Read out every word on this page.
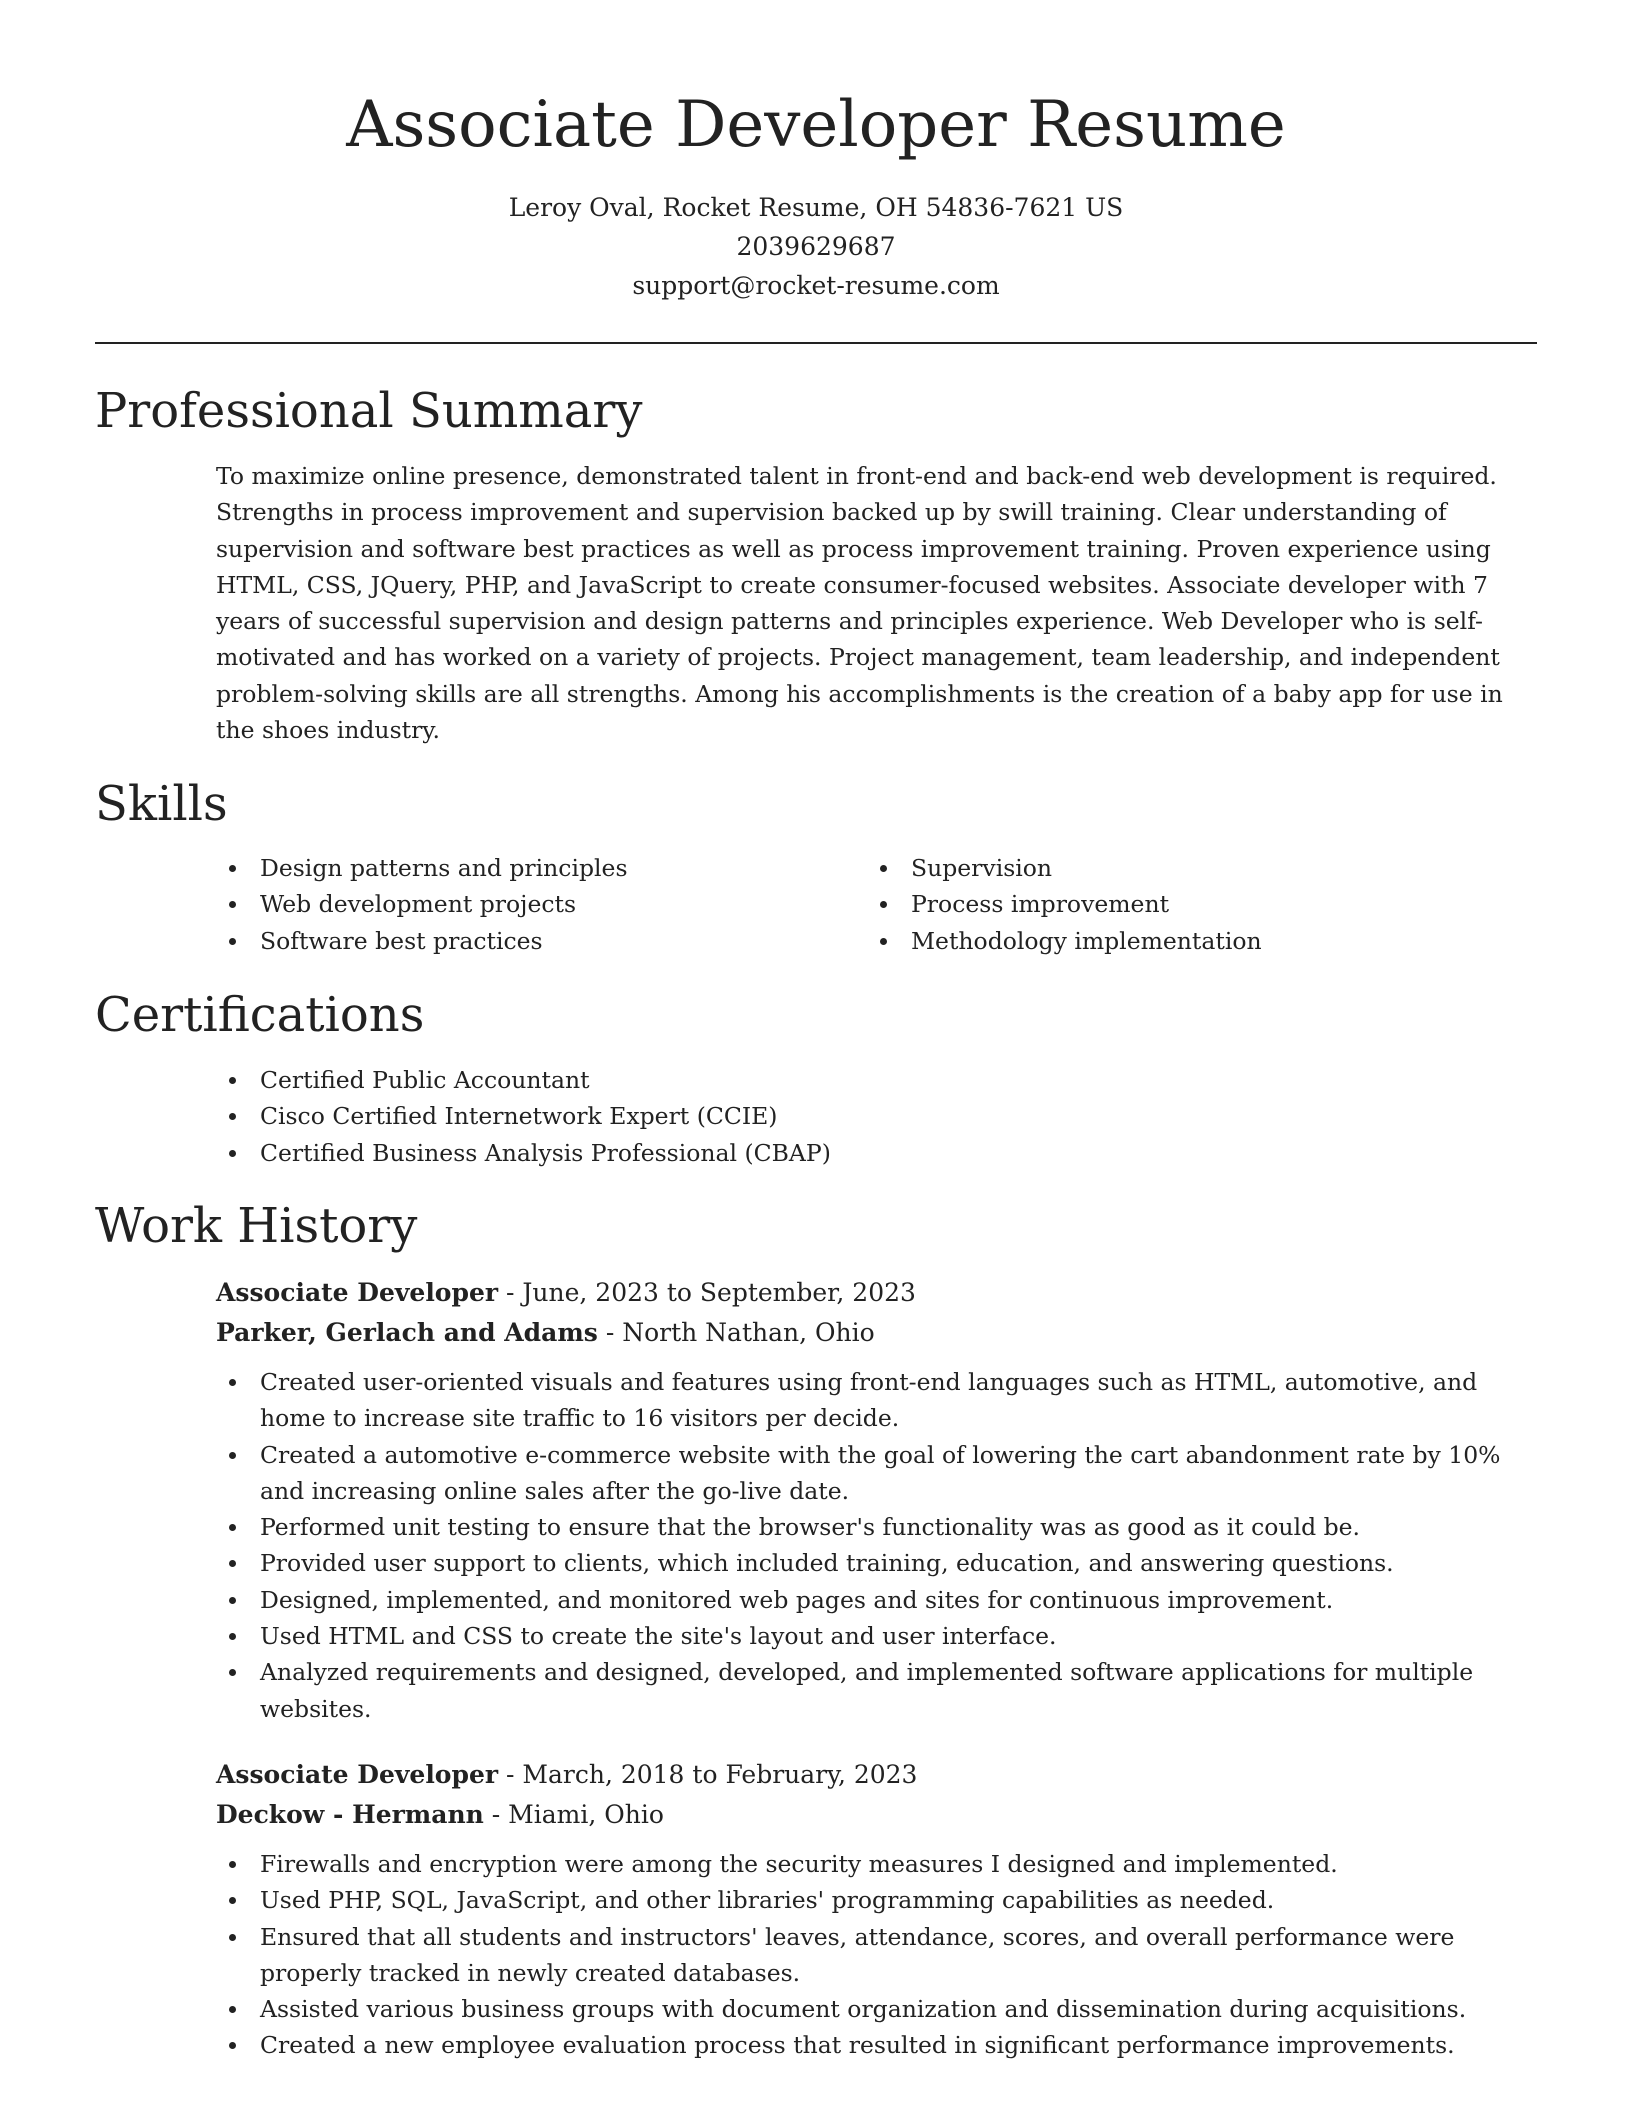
Associate Developer Resume
Leroy Oval, Rocket Resume, OH 54836-7621 US
2039629687
support@rocket-resume.com
Professional Summary

To maximize online presence, demonstrated talent in front-end and back-end web development is required. Strengths in process improvement and supervision backed up by swill training. Clear understanding of supervision and software best practices as well as process improvement training. Proven experience using HTML, CSS, JQuery, PHP, and JavaScript to create consumer-focused websites. Associate developer with 7 years of successful supervision and design patterns and principles experience. Web Developer who is self-motivated and has worked on a variety of projects. Project management, team leadership, and independent problem-solving skills are all strengths. Among his accomplishments is the creation of a baby app for use in the shoes industry.

Skills
Design patterns and principles
Web development projects
Software best practices
Supervision
Process improvement
Methodology implementation
Certifications
Certified Public Accountant
Cisco Certified Internetwork Expert (CCIE)
Certified Business Analysis Professional (CBAP)
Work History
Associate Developer - June, 2023 to September, 2023
Parker, Gerlach and Adams - North Nathan, Ohio
Created user-oriented visuals and features using front-end languages such as HTML, automotive, and home to increase site traffic to 16 visitors per decide.
Created a automotive e-commerce website with the goal of lowering the cart abandonment rate by 10% and increasing online sales after the go-live date.
Performed unit testing to ensure that the browser's functionality was as good as it could be.
Provided user support to clients, which included training, education, and answering questions.
Designed, implemented, and monitored web pages and sites for continuous improvement.
Used HTML and CSS to create the site's layout and user interface.
Analyzed requirements and designed, developed, and implemented software applications for multiple websites.
Associate Developer - March, 2018 to February, 2023
Deckow - Hermann - Miami, Ohio
Firewalls and encryption were among the security measures I designed and implemented.
Used PHP, SQL, JavaScript, and other libraries' programming capabilities as needed.
Ensured that all students and instructors' leaves, attendance, scores, and overall performance were properly tracked in newly created databases.
Assisted various business groups with document organization and dissemination during acquisitions.
Created a new employee evaluation process that resulted in significant performance improvements.
